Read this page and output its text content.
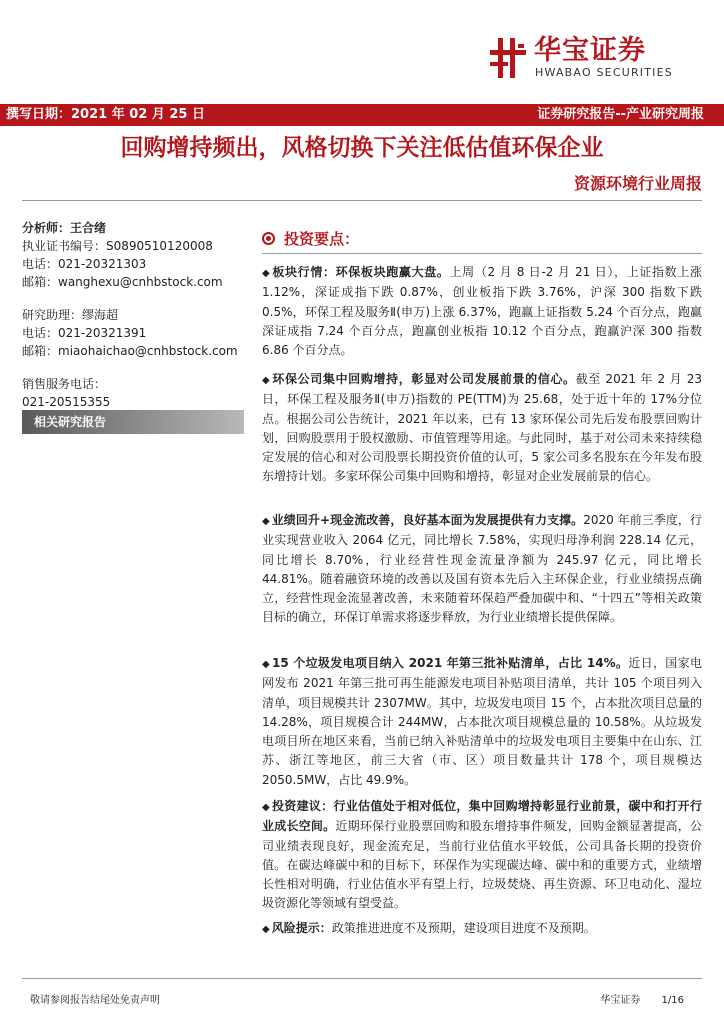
华宝证券
HWABAO SECURITIES
撰写日期：2021 年 02 月 25 日	证券研究报告--产业研究周报
回购增持频出，风格切换下关注低估值环保企业
资源环境行业周报
分析师：王合绪
执业证书编号：S0890510120008
电话：021-20321303
邮箱：wanghexu@cnhbstock.com
研究助理：缪海超
电话：021-20321391
邮箱：miaohaichao@cnhbstock.com
销售服务电话：
021-20515355
相关研究报告
投资要点：
◆ 板块行情：环保板块跑赢大盘。上周（2 月 8 日-2 月 21 日），上证指数上涨 1.12%，深证成指下跌 0.87%，创业板指下跌 3.76%，沪深 300 指数下跌 0.5%，环保工程及服务Ⅱ(申万)上涨 6.37%，跑赢上证指数 5.24 个百分点，跑赢深证成指 7.24 个百分点，跑赢创业板指 10.12 个百分点，跑赢沪深 300 指数 6.86 个百分点。
◆ 环保公司集中回购增持，彰显对公司发展前景的信心。截至 2021 年 2 月 23 日，环保工程及服务Ⅱ(申万)指数的 PE(TTM)为 25.68，处于近十年的 17%分位点。根据公司公告统计，2021 年以来，已有 13 家环保公司先后发布股票回购计划，回购股票用于股权激励、市值管理等用途。与此同时，基于对公司未来持续稳定发展的信心和对公司股票长期投资价值的认可，5 家公司多名股东在今年发布股东增持计划。多家环保公司集中回购和增持，彰显对企业发展前景的信心。
◆ 业绩回升+现金流改善，良好基本面为发展提供有力支撑。2020 年前三季度，行业实现营业收入 2064 亿元，同比增长 7.58%，实现归母净利润 228.14 亿元，同比增长 8.70%，行业经营性现金流量净额为 245.97 亿元，同比增长 44.81%。随着融资环境的改善以及国有资本先后入主环保企业，行业业绩拐点确立，经营性现金流显著改善，未来随着环保趋严叠加碳中和、“十四五”等相关政策目标的确立，环保订单需求将逐步释放，为行业业绩增长提供保障。
◆ 15 个垃圾发电项目纳入 2021 年第三批补贴清单，占比 14%。近日，国家电网发布 2021 年第三批可再生能源发电项目补贴项目清单，共计 105 个项目列入清单，项目规模共计 2307MW。其中，垃圾发电项目 15 个，占本批次项目总量的 14.28%，项目规模合计 244MW，占本批次项目规模总量的 10.58%。从垃圾发电项目所在地区来看，当前已纳入补贴清单中的垃圾发电项目主要集中在山东、江苏、浙江等地区，前三大省（市、区）项目数量共计 178 个，项目规模达 2050.5MW，占比 49.9%。
◆ 投资建议：行业估值处于相对低位，集中回购增持彰显行业前景，碳中和打开行业成长空间。近期环保行业股票回购和股东增持事件频发，回购金额显著提高，公司业绩表现良好，现金流充足，当前行业估值水平较低，公司具备长期的投资价值。在碳达峰碳中和的目标下，环保作为实现碳达峰、碳中和的重要方式，业绩增长性相对明确，行业估值水平有望上行，垃圾焚烧、再生资源、环卫电动化、湿垃圾资源化等领域有望受益。
◆ 风险提示：政策推进进度不及预期，建设项目进度不及预期。
敬请参阅报告结尾处免责声明	华宝证券 1/16
